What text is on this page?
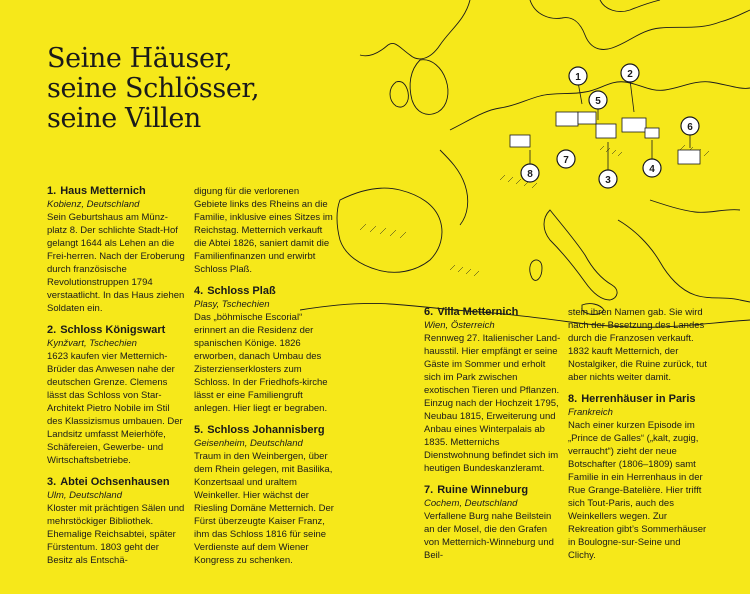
1	2
5
6
7
8
3
4
Seine Häuser,
seine Schlösser,
seine Villen
1. Haus Metternich
Kobienz, Deutschland
Sein Geburtshaus am Münz-platz 8. Der schlichte Stadt-Hof gelangt 1644 als Lehen an die Frei-herren. Nach der Eroberung durch französische Revolutionstruppen 1794 verstaatlicht. In das Haus ziehen Soldaten ein.
2. Schloss Königswart
Kynžvart, Tschechien
1623 kaufen vier Metternich-Brüder das Anwesen nahe der deutschen Grenze. Clemens lässt das Schloss von Star-Architekt Pietro Nobile im Stil des Klassizismus umbauen. Der Landsitz umfasst Meierhöfe, Schäfereien, Gewerbe- und Wirtschaftsbetriebe.
3. Abtei Ochsenhausen
Ulm, Deutschland
Kloster mit prächtigen Sälen und mehrstöckiger Bibliothek. Ehemalige Reichsabtei, später Fürstentum. 1803 geht der Besitz als Entschä-
digung für die verlorenen Gebiete links des Rheins an die Familie, inklusive eines Sitzes im Reichstag. Metternich verkauft die Abtei 1826, saniert damit die Familienfinanzen und erwirbt Schloss Plaß.
4. Schloss Plaß
Plasy, Tschechien
Das „böhmische Escorial“ erinnert an die Residenz der spanischen Könige. 1826 erworben, danach Umbau des Zisterzienserklosters zum Schloss. In der Friedhofs-kirche lässt er eine Familiengruft anlegen. Hier liegt er begraben.
5. Schloss Johannisberg
Geisenheim, Deutschland
Traum in den Weinbergen, über dem Rhein gelegen, mit Basilika, Konzertsaal und uraltem Weinkeller. Hier wächst der Riesling Domäne Metternich. Der Fürst überzeugte Kaiser Franz, ihm das Schloss 1816 für seine Verdienste auf dem Wiener Kongress zu schenken.
6. Villa Metternich
Wien, Österreich
Rennweg 27. Italienischer Land-hausstil. Hier empfängt er seine Gäste im Sommer und erholt sich im Park zwischen exotischen Tieren und Pflanzen. Einzug nach der Hochzeit 1795, Neubau 1815, Erweiterung und Anbau eines Winterpalais ab 1835. Metternichs Dienstwohnung befindet sich im heutigen Bundeskanzleramt.
7. Ruine Winneburg
Cochem, Deutschland
Verfallene Burg nahe Beilstein an der Mosel, die den Grafen von Metternich-Winneburg und Beil-
stein ihren Namen gab. Sie wird nach der Besetzung des Landes durch die Franzosen verkauft. 1832 kauft Metternich, der Nostalgiker, die Ruine zurück, tut aber nichts weiter damit.
8. Herrenhäuser in Paris
Frankreich
Nach einer kurzen Episode im „Prince de Galles“ („kalt, zugig, verraucht“) zieht der neue Botschafter (1806–1809) samt Familie in ein Herrenhaus in der Rue Grange-Batelière. Hier trifft sich Tout-Paris, auch des Weinkellers wegen. Zur Rekreation gibt’s Sommerhäuser in Boulogne-sur-Seine und Clichy.
